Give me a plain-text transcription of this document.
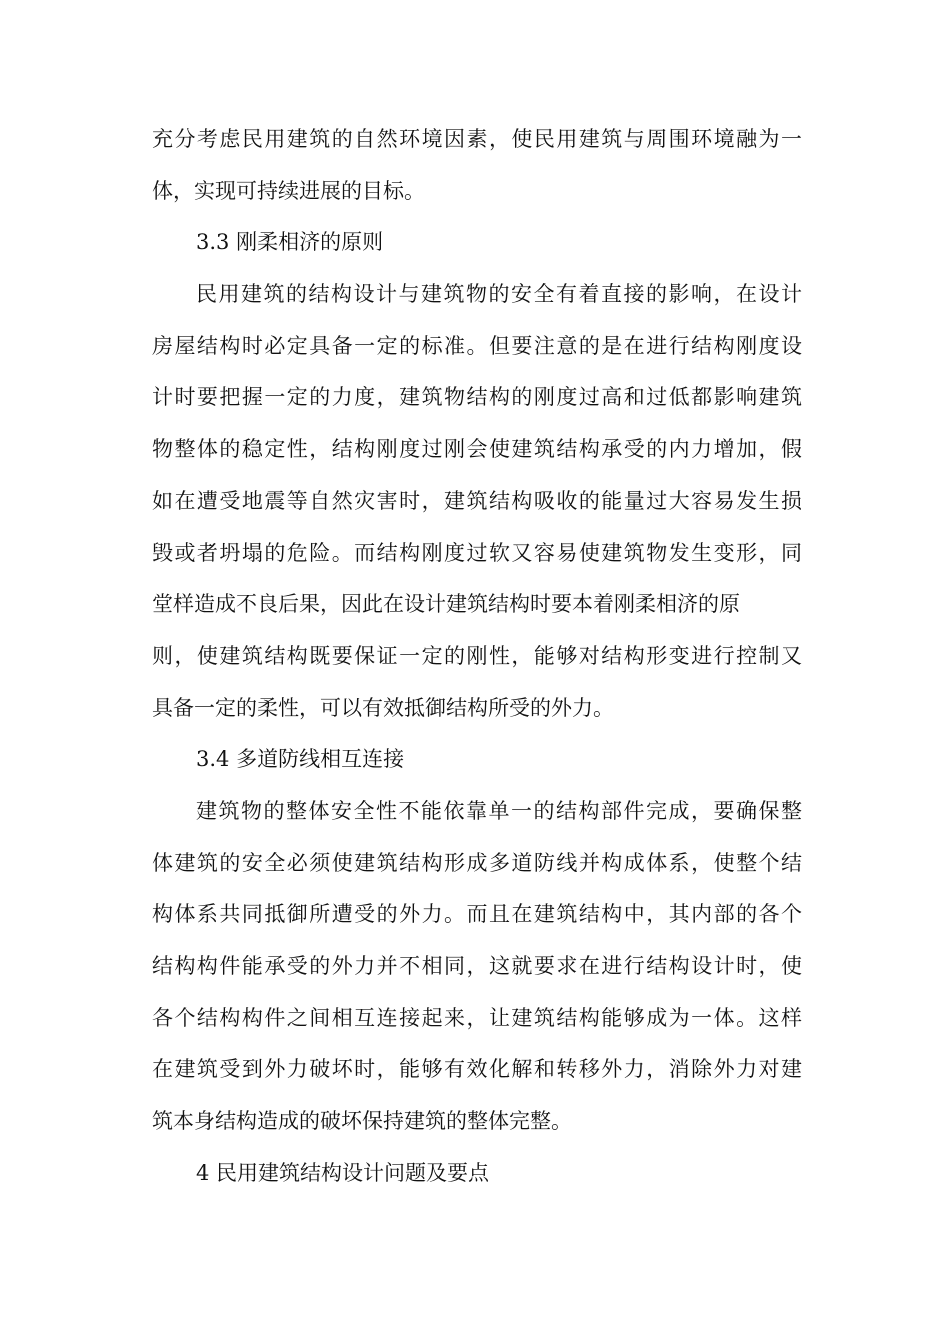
充分考虑民用建筑的自然环境因素，使民用建筑与周围环境融为一
体，实现可持续进展的目标。
3.3 刚柔相济的原则
民用建筑的结构设计与建筑物的安全有着直接的影响，在设计
房屋结构时必定具备一定的标准。但要注意的是在进行结构刚度设
计时要把握一定的力度，建筑物结构的刚度过高和过低都影响建筑
物整体的稳定性，结构刚度过刚会使建筑结构承受的内力增加，假
如在遭受地震等自然灾害时，建筑结构吸收的能量过大容易发生损
毁或者坍塌的危险。而结构刚度过软又容易使建筑物发生变形，同
堂样造成不良后果，因此在设计建筑结构时要本着刚柔相济的原
则，使建筑结构既要保证一定的刚性，能够对结构形变进行控制又
具备一定的柔性，可以有效抵御结构所受的外力。
3.4 多道防线相互连接
建筑物的整体安全性不能依靠单一的结构部件完成，要确保整
体建筑的安全必须使建筑结构形成多道防线并构成体系，使整个结
构体系共同抵御所遭受的外力。而且在建筑结构中，其内部的各个
结构构件能承受的外力并不相同，这就要求在进行结构设计时，使
各个结构构件之间相互连接起来，让建筑结构能够成为一体。这样
在建筑受到外力破坏时，能够有效化解和转移外力，消除外力对建
筑本身结构造成的破坏保持建筑的整体完整。
4 民用建筑结构设计问题及要点
